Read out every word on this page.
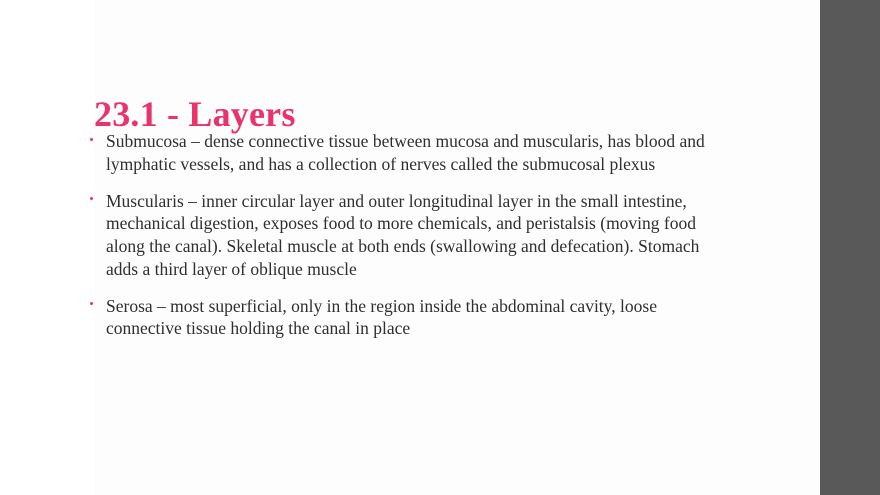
23.1 - Layers
Submucosa – dense connective tissue between mucosa and muscularis, has blood and lymphatic vessels, and has a collection of nerves called the submucosal plexus
Muscularis – inner circular layer and outer longitudinal layer in the small intestine, mechanical digestion, exposes food to more chemicals, and peristalsis (moving food along the canal). Skeletal muscle at both ends (swallowing and defecation). Stomach adds a third layer of oblique muscle
Serosa – most superficial, only in the region inside the abdominal cavity, loose connective tissue holding the canal in place
